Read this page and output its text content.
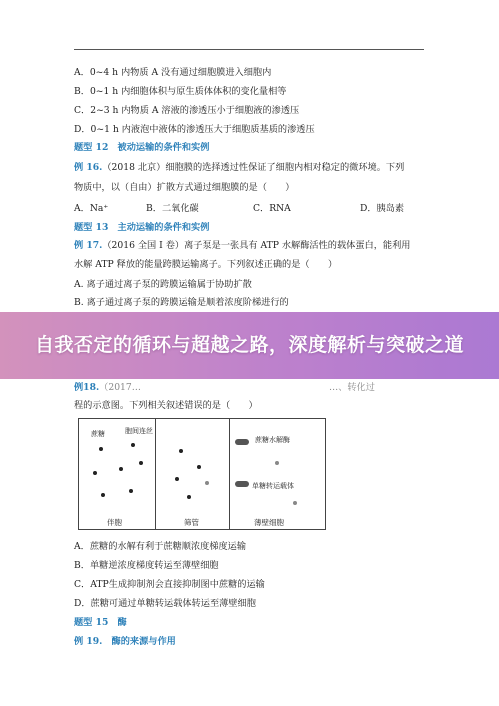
A．0~4 h 内物质 A 没有通过细胞膜进入细胞内
B．0~1 h 内细胞体积与原生质体体积的变化量相等
C．2~3 h 内物质 A 溶液的渗透压小于细胞液的渗透压
D．0~1 h 内液泡中液体的渗透压大于细胞质基质的渗透压
题型 12　被动运输的条件和实例
例 16.（2018 北京）细胞膜的选择透过性保证了细胞内相对稳定的微环境。下列
物质中，以（自由）扩散方式通过细胞膜的是（　　）
A．Na⁺	B．二氧化碳	C．RNA	D．胰岛素
题型 13　主动运输的条件和实例
例 17.（2016 全国 I 卷）离子泵是一张具有 ATP 水解酶活性的载体蛋白，能利用
水解 ATP 释放的能量跨膜运输离子。下列叙述正确的是（　　）
A. 离子通过离子泵的跨膜运输属于协助扩散
B. 离子通过离子泵的跨膜运输是顺着浓度阶梯进行的
例18.（2017…	…、转化过
程的示意图。下列相关叙述错误的是（　　）
蔗糖	胞间连丝
蔗糖水解酶
单糖转运载体
伴胞	筛管	薄壁细胞
A．蔗糖的水解有利于蔗糖顺浓度梯度运输
B．单糖逆浓度梯度转运至薄壁细胞
C．ATP生成抑制剂会直接抑制图中蔗糖的运输
D．蔗糖可通过单糖转运载体转运至薄壁细胞
题型 15　酶
例 19.　酶的来源与作用
自我否定的循环与超越之路，深度解析与突破之道
